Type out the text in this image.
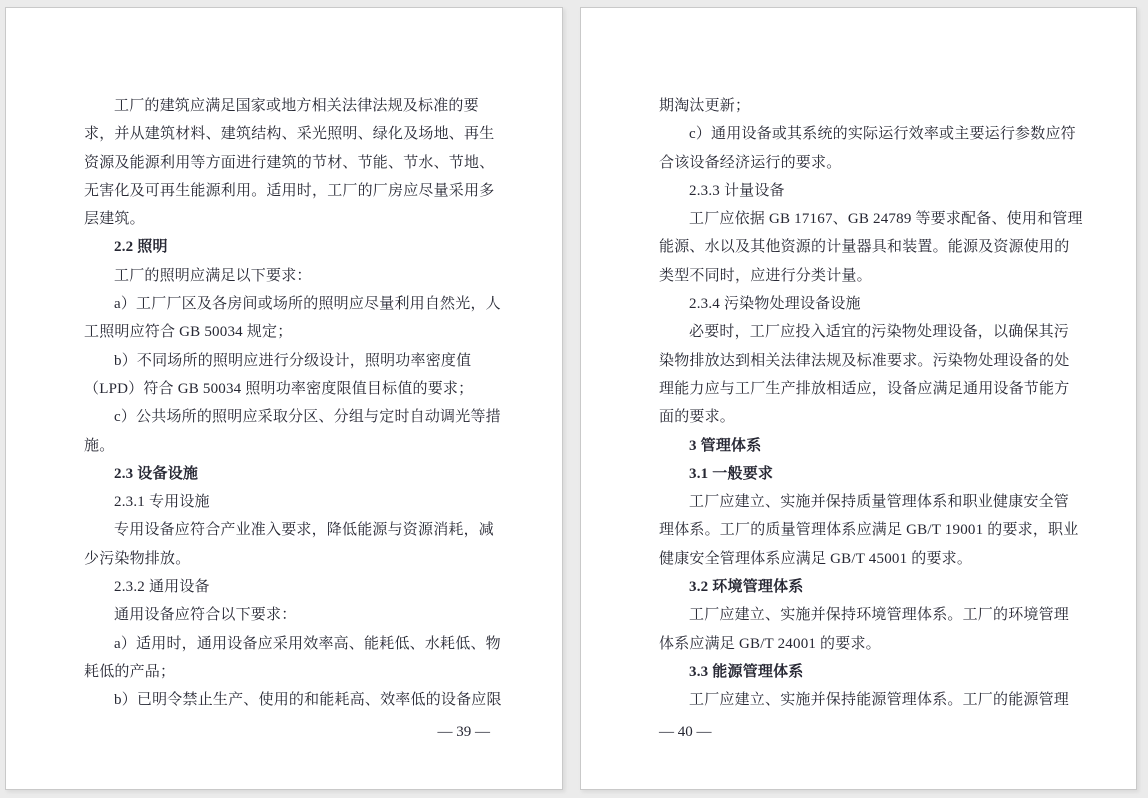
工厂的建筑应满足国家或地方相关法律法规及标准的要
求，并从建筑材料、建筑结构、采光照明、绿化及场地、再生
资源及能源利用等方面进行建筑的节材、节能、节水、节地、
无害化及可再生能源利用。适用时，工厂的厂房应尽量采用多
层建筑。
2.2 照明
工厂的照明应满足以下要求：
a）工厂厂区及各房间或场所的照明应尽量利用自然光，人
工照明应符合 GB 50034 规定；
b）不同场所的照明应进行分级设计，照明功率密度值
（LPD）符合 GB 50034 照明功率密度限值目标值的要求；
c）公共场所的照明应采取分区、分组与定时自动调光等措
施。
2.3 设备设施
2.3.1 专用设施
专用设备应符合产业准入要求，降低能源与资源消耗，减
少污染物排放。
2.3.2 通用设备
通用设备应符合以下要求：
a）适用时，通用设备应采用效率高、能耗低、水耗低、物
耗低的产品；
b）已明令禁止生产、使用的和能耗高、效率低的设备应限
— 39 —
期淘汰更新；
c）通用设备或其系统的实际运行效率或主要运行参数应符
合该设备经济运行的要求。
2.3.3 计量设备
工厂应依据 GB 17167、GB 24789 等要求配备、使用和管理
能源、水以及其他资源的计量器具和装置。能源及资源使用的
类型不同时，应进行分类计量。
2.3.4 污染物处理设备设施
必要时，工厂应投入适宜的污染物处理设备，以确保其污
染物排放达到相关法律法规及标准要求。污染物处理设备的处
理能力应与工厂生产排放相适应，设备应满足通用设备节能方
面的要求。
3 管理体系
3.1 一般要求
工厂应建立、实施并保持质量管理体系和职业健康安全管
理体系。工厂的质量管理体系应满足 GB/T 19001 的要求，职业
健康安全管理体系应满足 GB/T 45001 的要求。
3.2 环境管理体系
工厂应建立、实施并保持环境管理体系。工厂的环境管理
体系应满足 GB/T 24001 的要求。
3.3 能源管理体系
工厂应建立、实施并保持能源管理体系。工厂的能源管理
— 40 —
